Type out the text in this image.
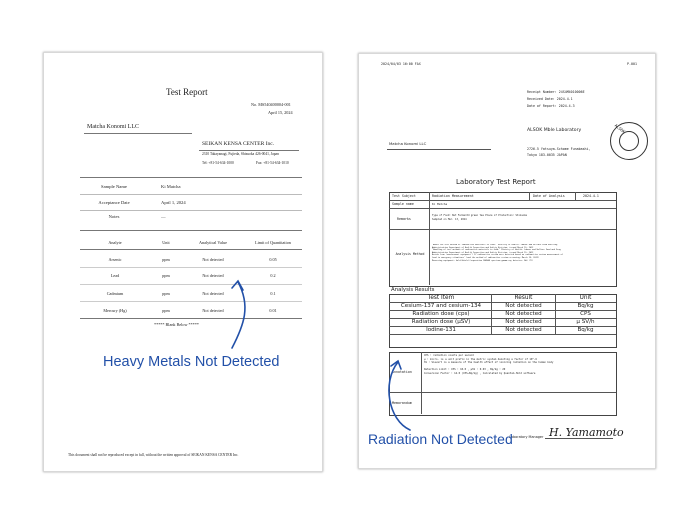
Test Report
No. MS540400004-001
April 15, 2024
Matcha Konomi LLC
SEIKAN KENSA CENTER Inc.
2310 Takayanagi, Fujieda, Shizuoka 426-0041, Japan
Tel: +81-54-634-1000	Fax: +81-54-634-1010
Sample Name	Ki Matcha
Acceptance Date	April 1, 2024
Notes	—
Analyte	Unit	Analytical Value	Limit of Quantitation
Arsenic	ppm	Not detected	0.05
Lead	ppm	Not detected	0.2
Cadmium	ppm	Not detected	0.1
Mercury (Hg)	ppm	Not detected	0.01
***** Blank Below *****
This document shall not be reproduced except in full, without the written approval of SEIKAN KENSA CENTER Inc.
2024/04/03 16:00 FAX	P.001
Receipt Number: 24S4M4010006E
Received Date: 2024.4.1
Date of Report: 2024.4.3
ALSOK Mble Laboratory
2726-5 Yatsuya-Schome Funabashi,
Tokyo 183-0035 JAPAN
ALSOK
Matcha Konomi LLC
Laboratory Test Report
Test Subject	Radiation Measurement	Date of Analysis	2024.4.1
Sample name	Ki Matcha
Remarks
Type of Food: Nut Fermentd green tea Place of Production: Shizuoka
Sampled on Mar. 13, 2024
Analysis Method
"About the test method of radioactive materials in food," Ministry of Health, Labour and Welfare Food and Drug
Administration Department of Health Inspection and Safety Division, issued March 15, 2012
"Handling of test methods of radioactive materials in food," Ministry of Health, Labour and Welfare Food and Drug
Administration Department of Health Inspection and Safety Division, issued March 15, 2012
Beside from 'measurement equipment') If radioactive cesium were detected based on radioactive cesium measurement of
food in emergency situations' (and the method of radioactive cesium screening, March 15, 2012)
Measuring equipment: Gold-Shield Corporation DSB949 spectrum gamma-ray detector: Nal (Tl)
Analysis Results
Test Item	Result	Unit
Cesium-137 and cesium-134	Not detected	Bq/kg
Radiation dose (cps)	Not detected	CPS
Radiation dose (μSV)	Not detected	μ SV/h
Iodine-131	Not detected	Bq/kg
Annotation
CPS : radiation counts per second
μ : micro- is a unit prefix in the metric system denoting a factor of 10^-6
SV : Sievert is a measure of the health effect of ionizing radiation on the human body
Detection Limit : CPS : 10.0 , μSV : 0.03 , Bq/kg : 20
Conversion Factor : 14.0 (CPS→Bq/kg) , Calculated by Quantum-Hold software
Memorandum
Laboratory Manager H. Yamamoto
Heavy Metals Not Detected
Radiation Not Detected
